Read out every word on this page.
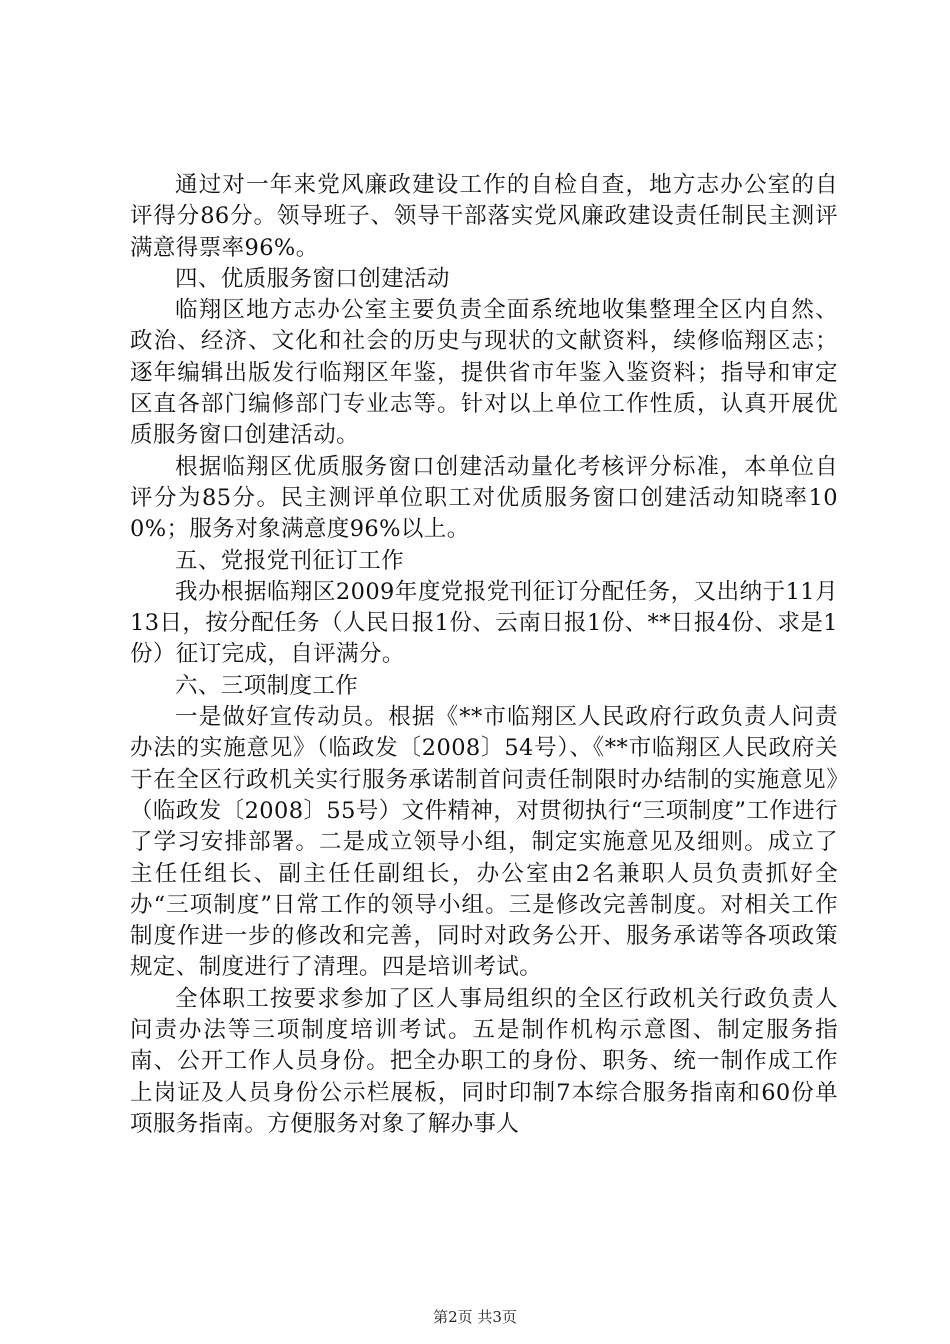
通过对一年来党风廉政建设工作的自检自查，地方志办公室的自评得分86分。领导班子、领导干部落实党风廉政建设责任制民主测评满意得票率96%。

四、优质服务窗口创建活动

临翔区地方志办公室主要负责全面系统地收集整理全区内自然、政治、经济、文化和社会的历史与现状的文献资料，续修临翔区志；逐年编辑出版发行临翔区年鉴，提供省市年鉴入鉴资料；指导和审定区直各部门编修部门专业志等。针对以上单位工作性质，认真开展优质服务窗口创建活动。

根据临翔区优质服务窗口创建活动量化考核评分标准，本单位自评分为85分。民主测评单位职工对优质服务窗口创建活动知晓率100%；服务对象满意度96%以上。

五、党报党刊征订工作

我办根据临翔区2009年度党报党刊征订分配任务，又出纳于11月13日，按分配任务（人民日报1份、云南日报1份、**日报4份、求是1份）征订完成，自评满分。

六、三项制度工作

一是做好宣传动员。根据《**市临翔区人民政府行政负责人问责办法的实施意见》（临政发〔2008〕54号）、《**市临翔区人民政府关于在全区行政机关实行服务承诺制首问责任制限时办结制的实施意见》（临政发〔2008〕55号）文件精神，对贯彻执行“三项制度”工作进行了学习安排部署。二是成立领导小组，制定实施意见及细则。成立了主任任组长、副主任任副组长，办公室由2名兼职人员负责抓好全办“三项制度”日常工作的领导小组。三是修改完善制度。对相关工作制度作进一步的修改和完善，同时对政务公开、服务承诺等各项政策规定、制度进行了清理。四是培训考试。

全体职工按要求参加了区人事局组织的全区行政机关行政负责人问责办法等三项制度培训考试。五是制作机构示意图、制定服务指南、公开工作人员身份。把全办职工的身份、职务、统一制作成工作上岗证及人员身份公示栏展板，同时印制7本综合服务指南和60份单项服务指南。方便服务对象了解办事人

第2页 共3页
